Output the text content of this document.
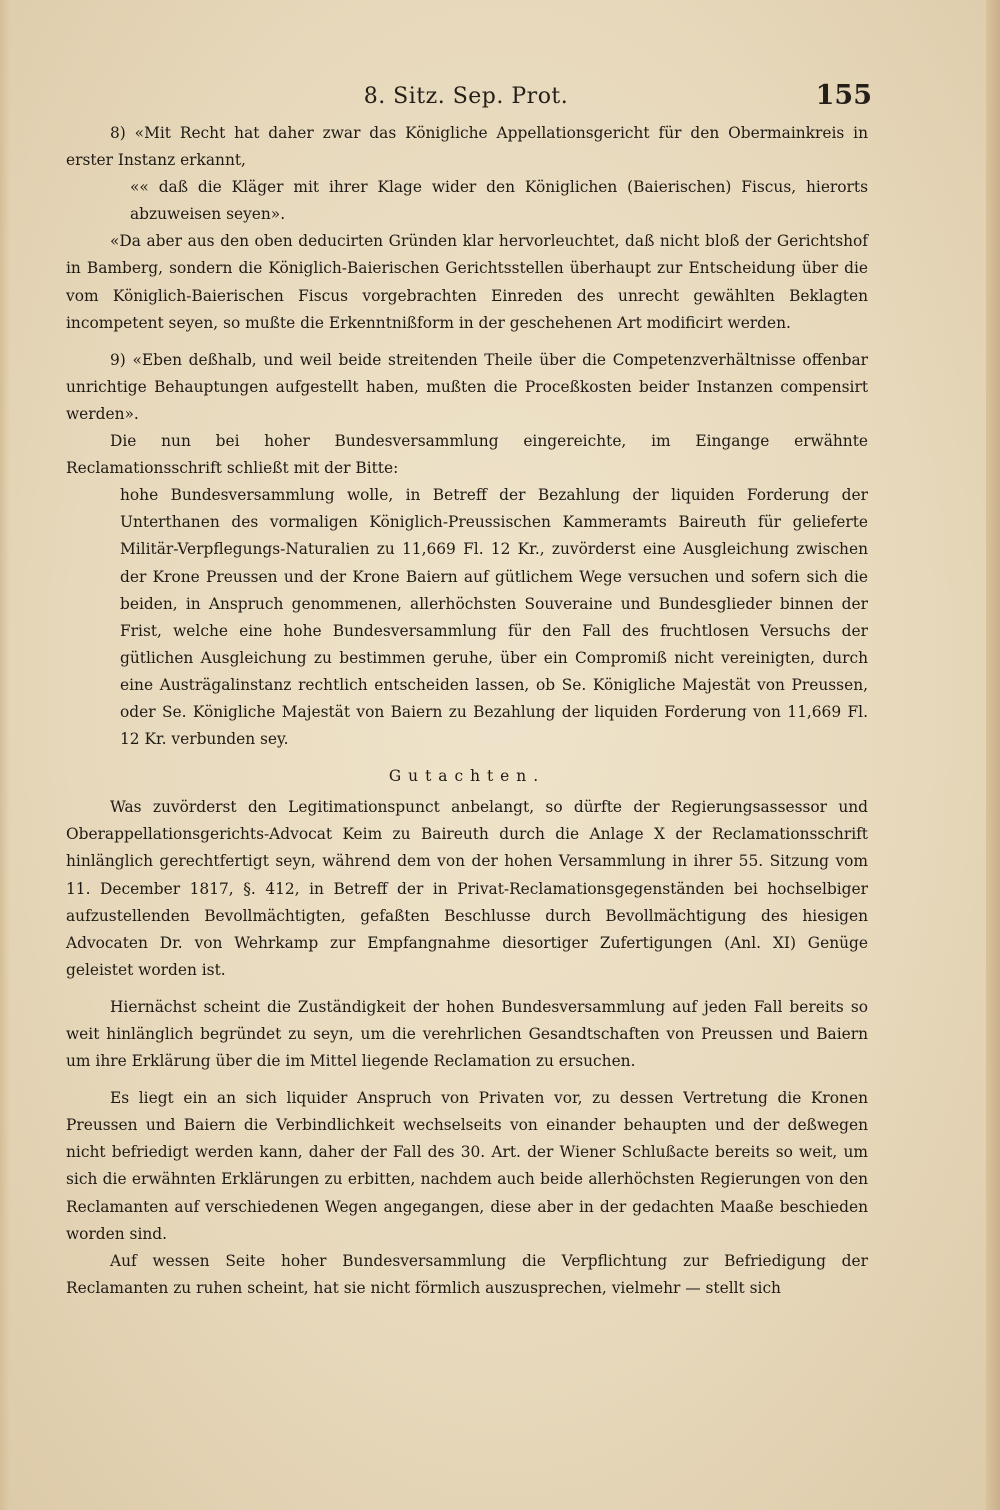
8. Sitz. Sep. Prot.	155

8) «Mit Recht hat daher zwar das Königliche Appellationsgericht für den Obermainkreis in erster Instanz erkannt,

«« daß die Kläger mit ihrer Klage wider den Königlichen (Baierischen) Fiscus, hierorts abzuweisen seyen».

«Da aber aus den oben deducirten Gründen klar hervorleuchtet, daß nicht bloß der Gerichtshof in Bamberg, sondern die Königlich-Baierischen Gerichtsstellen überhaupt zur Entscheidung über die vom Königlich-Baierischen Fiscus vorgebrachten Einreden des unrecht gewählten Beklagten incompetent seyen, so mußte die Erkenntnißform in der geschehenen Art modificirt werden.

9) «Eben deßhalb, und weil beide streitenden Theile über die Competenzverhältnisse offenbar unrichtige Behauptungen aufgestellt haben, mußten die Proceßkosten beider Instanzen compensirt werden».

Die nun bei hoher Bundesversammlung eingereichte, im Eingange erwähnte Reclamationsschrift schließt mit der Bitte:

hohe Bundesversammlung wolle, in Betreff der Bezahlung der liquiden Forderung der Unterthanen des vormaligen Königlich-Preussischen Kammeramts Baireuth für gelieferte Militär-Verpflegungs-Naturalien zu 11,669 Fl. 12 Kr., zuvörderst eine Ausgleichung zwischen der Krone Preussen und der Krone Baiern auf gütlichem Wege versuchen und sofern sich die beiden, in Anspruch genommenen, allerhöchsten Souveraine und Bundesglieder binnen der Frist, welche eine hohe Bundesversammlung für den Fall des fruchtlosen Versuchs der gütlichen Ausgleichung zu bestimmen geruhe, über ein Compromiß nicht vereinigten, durch eine Austrägalinstanz rechtlich entscheiden lassen, ob Se. Königliche Majestät von Preussen, oder Se. Königliche Majestät von Baiern zu Bezahlung der liquiden Forderung von 11,669 Fl. 12 Kr. verbunden sey.

Gutachten.

Was zuvörderst den Legitimationspunct anbelangt, so dürfte der Regierungsassessor und Oberappellationsgerichts-Advocat Keim zu Baireuth durch die Anlage X der Reclamationsschrift hinlänglich gerechtfertigt seyn, während dem von der hohen Versammlung in ihrer 55. Sitzung vom 11. December 1817, §. 412, in Betreff der in Privat-Reclamationsgegenständen bei hochselbiger aufzustellenden Bevollmächtigten, gefaßten Beschlusse durch Bevollmächtigung des hiesigen Advocaten Dr. von Wehrkamp zur Empfangnahme diesortiger Zufertigungen (Anl. XI) Genüge geleistet worden ist.

Hiernächst scheint die Zuständigkeit der hohen Bundesversammlung auf jeden Fall bereits so weit hinlänglich begründet zu seyn, um die verehrlichen Gesandtschaften von Preussen und Baiern um ihre Erklärung über die im Mittel liegende Reclamation zu ersuchen.

Es liegt ein an sich liquider Anspruch von Privaten vor, zu dessen Vertretung die Kronen Preussen und Baiern die Verbindlichkeit wechselseits von einander behaupten und der deßwegen nicht befriedigt werden kann, daher der Fall des 30. Art. der Wiener Schlußacte bereits so weit, um sich die erwähnten Erklärungen zu erbitten, nachdem auch beide allerhöchsten Regierungen von den Reclamanten auf verschiedenen Wegen angegangen, diese aber in der gedachten Maaße beschieden worden sind.

Auf wessen Seite hoher Bundesversammlung die Verpflichtung zur Befriedigung der Reclamanten zu ruhen scheint, hat sie nicht förmlich auszusprechen, vielmehr — stellt sich
